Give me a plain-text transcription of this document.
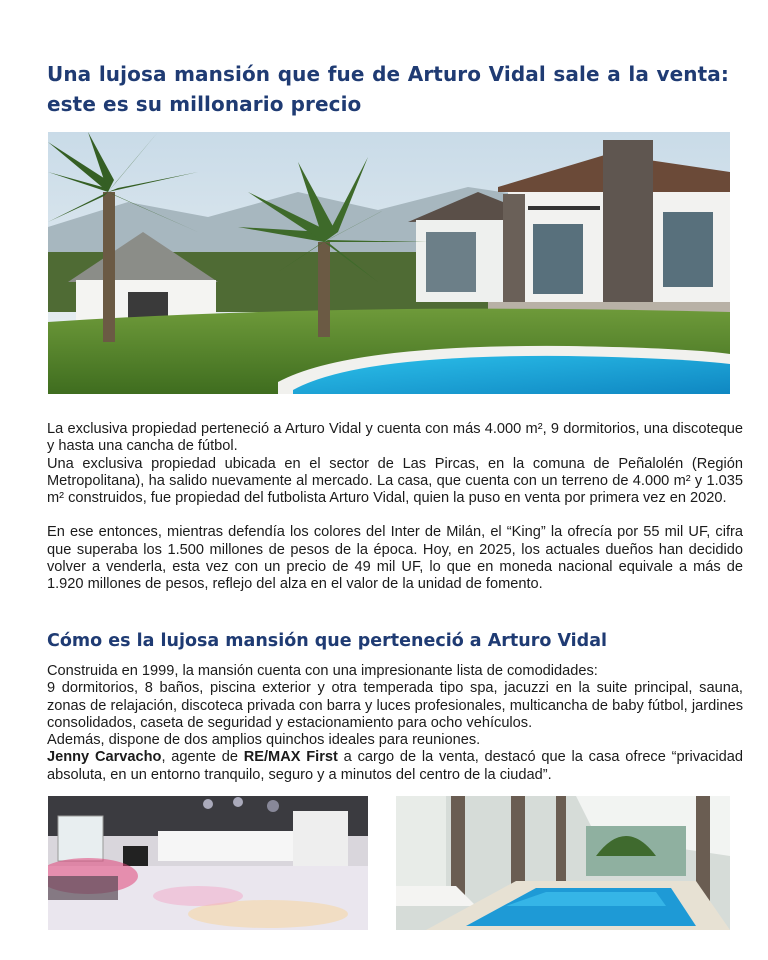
Una lujosa mansión que fue de Arturo Vidal sale a la venta: este es su millonario precio

La exclusiva propiedad perteneció a Arturo Vidal y cuenta con más 4.000 m², 9 dormitorios, una discoteque y hasta una cancha de fútbol.

Una exclusiva propiedad ubicada en el sector de Las Pircas, en la comuna de Peñalolén (Región Metropolitana), ha salido nuevamente al mercado. La casa, que cuenta con un terreno de 4.000 m² y 1.035 m² construidos, fue propiedad del futbolista Arturo Vidal, quien la puso en venta por primera vez en 2020.

En ese entonces, mientras defendía los colores del Inter de Milán, el “King” la ofrecía por 55 mil UF, cifra que superaba los 1.500 millones de pesos de la época. Hoy, en 2025, los actuales dueños han decidido volver a venderla, esta vez con un precio de 49 mil UF, lo que en moneda nacional equivale a más de 1.920 millones de pesos, reflejo del alza en el valor de la unidad de fomento.

Cómo es la lujosa mansión que perteneció a Arturo Vidal

Construida en 1999, la mansión cuenta con una impresionante lista de comodidades:

9 dormitorios, 8 baños, piscina exterior y otra temperada tipo spa, jacuzzi en la suite principal, sauna, zonas de relajación, discoteca privada con barra y luces profesionales, multicancha de baby fútbol, jardines consolidados, caseta de seguridad y estacionamiento para ocho vehículos.

Además, dispone de dos amplios quinchos ideales para reuniones.

Jenny Carvacho, agente de RE/MAX First a cargo de la venta, destacó que la casa ofrece “privacidad absoluta, en un entorno tranquilo, seguro y a minutos del centro de la ciudad”.
